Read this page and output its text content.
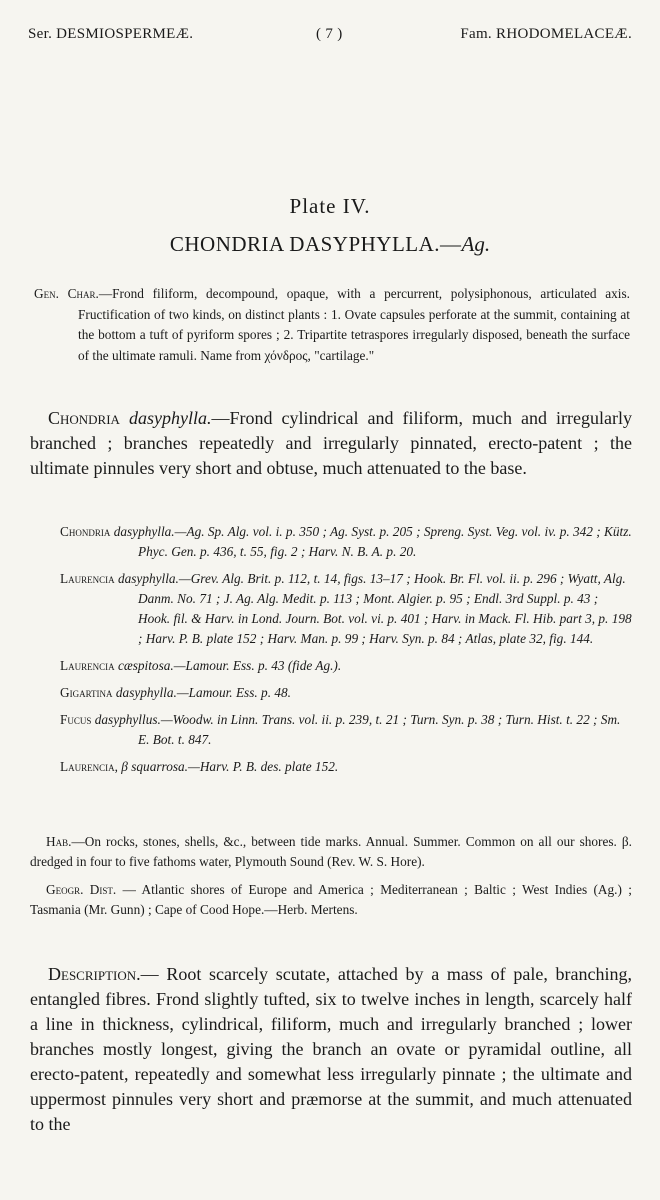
Ser. DESMIOSPERMEÆ.	( 7 )	Fam. RHODOMELACEÆ.
Plate IV.
CHONDRIA DASYPHYLLA.—Ag.
Gen. Char.—Frond filiform, decompound, opaque, with a percurrent, polysiphonous, articulated axis. Fructification of two kinds, on distinct plants : 1. Ovate capsules perforate at the summit, containing at the bottom a tuft of pyriform spores ; 2. Tripartite tetraspores irregularly disposed, beneath the surface of the ultimate ramuli. Name from χόνδρος, "cartilage."
Chondria dasyphylla.—Frond cylindrical and filiform, much and irregularly branched ; branches repeatedly and irregularly pinnated, erecto-patent ; the ultimate pinnules very short and obtuse, much attenuated to the base.
Chondria dasyphylla.—Ag. Sp. Alg. vol. i. p. 350 ; Ag. Syst. p. 205 ; Spreng. Syst. Veg. vol. iv. p. 342 ; Kütz. Phyc. Gen. p. 436, t. 55, fig. 2 ; Harv. N. B. A. p. 20.
Laurencia dasyphylla.—Grev. Alg. Brit. p. 112, t. 14, figs. 13–17 ; Hook. Br. Fl. vol. ii. p. 296 ; Wyatt, Alg. Danm. No. 71 ; J. Ag. Alg. Medit. p. 113 ; Mont. Algier. p. 95 ; Endl. 3rd Suppl. p. 43 ; Hook. fil. & Harv. in Lond. Journ. Bot. vol. vi. p. 401 ; Harv. in Mack. Fl. Hib. part 3, p. 198 ; Harv. P. B. plate 152 ; Harv. Man. p. 99 ; Harv. Syn. p. 84 ; Atlas, plate 32, fig. 144.
Laurencia cæspitosa.—Lamour. Ess. p. 43 (fide Ag.).
Gigartina dasyphylla.—Lamour. Ess. p. 48.
Fucus dasyphyllus.—Woodw. in Linn. Trans. vol. ii. p. 239, t. 21 ; Turn. Syn. p. 38 ; Turn. Hist. t. 22 ; Sm. E. Bot. t. 847.
Laurencia, β squarrosa.—Harv. P. B. des. plate 152.

Hab.—On rocks, stones, shells, &c., between tide marks. Annual. Summer. Common on all our shores. β. dredged in four to five fathoms water, Plymouth Sound (Rev. W. S. Hore).

Geogr. Dist. — Atlantic shores of Europe and America ; Mediterranean ; Baltic ; West Indies (Ag.) ; Tasmania (Mr. Gunn) ; Cape of Cood Hope.—Herb. Mertens.

Description.— Root scarcely scutate, attached by a mass of pale, branching, entangled fibres. Frond slightly tufted, six to twelve inches in length, scarcely half a line in thickness, cylindrical, filiform, much and irregularly branched ; lower branches mostly longest, giving the branch an ovate or pyramidal outline, all erecto-patent, repeatedly and somewhat less irregularly pinnate ; the ultimate and uppermost pinnules very short and præmorse at the summit, and much attenuated to the
